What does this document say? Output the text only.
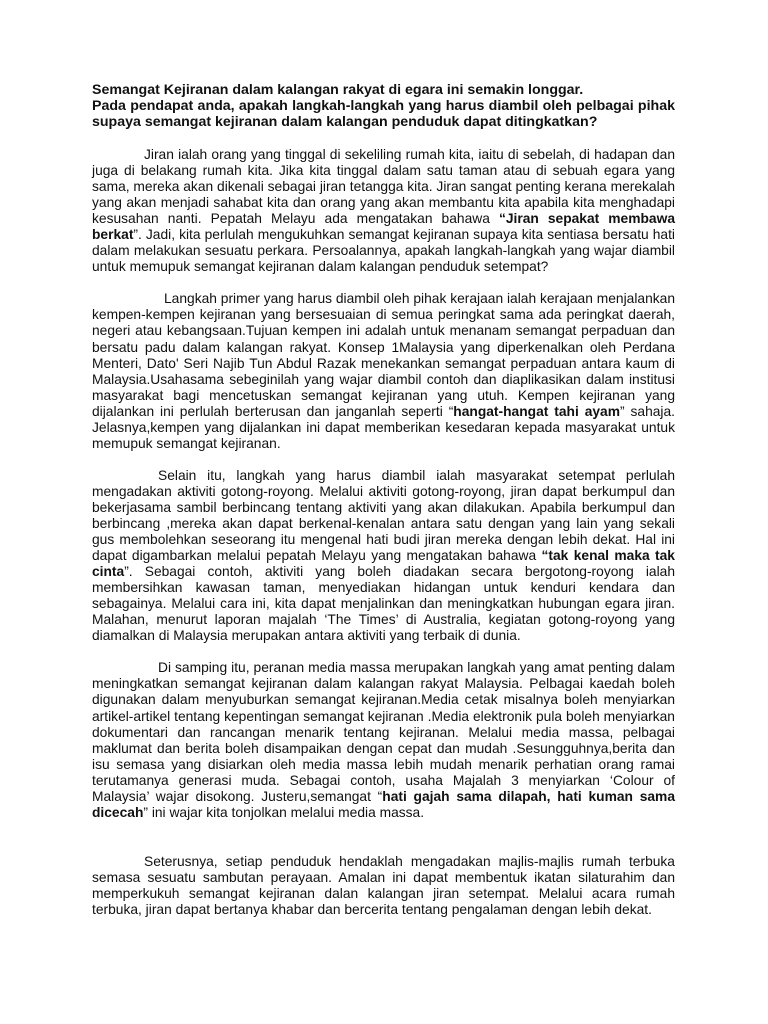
Semangat Kejiranan dalam kalangan rakyat di egara ini semakin longgar.
Pada pendapat anda, apakah langkah-langkah yang harus diambil oleh pelbagai pihak supaya semangat kejiranan dalam kalangan penduduk dapat ditingkatkan?

Jiran ialah orang yang tinggal di sekeliling rumah kita, iaitu di sebelah, di hadapan dan juga di belakang rumah kita. Jika kita tinggal dalam satu taman atau di sebuah egara yang sama, mereka akan dikenali sebagai jiran tetangga kita. Jiran sangat penting kerana merekalah yang akan menjadi sahabat kita dan orang yang akan membantu kita apabila kita menghadapi kesusahan nanti. Pepatah Melayu ada mengatakan bahawa “Jiran sepakat membawa berkat”. Jadi, kita perlulah mengukuhkan semangat kejiranan supaya kita sentiasa bersatu hati dalam melakukan sesuatu perkara. Persoalannya, apakah langkah-langkah yang wajar diambil untuk memupuk semangat kejiranan dalam kalangan penduduk setempat?

Langkah primer yang harus diambil oleh pihak kerajaan ialah kerajaan menjalankan kempen-kempen kejiranan yang bersesuaian di semua peringkat sama ada peringkat daerah, negeri atau kebangsaan.Tujuan kempen ini adalah untuk menanam semangat perpaduan dan bersatu padu dalam kalangan rakyat. Konsep 1Malaysia yang diperkenalkan oleh Perdana Menteri, Dato' Seri Najib Tun Abdul Razak menekankan semangat perpaduan antara kaum di Malaysia.Usahasama sebeginilah yang wajar diambil contoh dan diaplikasikan dalam institusi masyarakat bagi mencetuskan semangat kejiranan yang utuh. Kempen kejiranan yang dijalankan ini perlulah berterusan dan janganlah seperti “hangat-hangat tahi ayam” sahaja. Jelasnya,kempen yang dijalankan ini dapat memberikan kesedaran kepada masyarakat untuk memupuk semangat kejiranan.

Selain itu, langkah yang harus diambil ialah masyarakat setempat perlulah mengadakan aktiviti gotong-royong. Melalui aktiviti gotong-royong, jiran dapat berkumpul dan bekerjasama sambil berbincang tentang aktiviti yang akan dilakukan. Apabila berkumpul dan berbincang ,mereka akan dapat berkenal-kenalan antara satu dengan yang lain yang sekali gus membolehkan seseorang itu mengenal hati budi jiran mereka dengan lebih dekat. Hal ini dapat digambarkan melalui pepatah Melayu yang mengatakan bahawa “tak kenal maka tak cinta”. Sebagai contoh, aktiviti yang boleh diadakan secara bergotong-royong ialah membersihkan kawasan taman, menyediakan hidangan untuk kenduri kendara dan sebagainya. Melalui cara ini, kita dapat menjalinkan dan meningkatkan hubungan egara jiran. Malahan, menurut laporan majalah ‘The Times’ di Australia, kegiatan gotong-royong yang diamalkan di Malaysia merupakan antara aktiviti yang terbaik di dunia.

Di samping itu, peranan media massa merupakan langkah yang amat penting dalam meningkatkan semangat kejiranan dalam kalangan rakyat Malaysia. Pelbagai kaedah boleh digunakan dalam menyuburkan semangat kejiranan.Media cetak misalnya boleh menyiarkan artikel-artikel tentang kepentingan semangat kejiranan .Media elektronik pula boleh menyiarkan dokumentari dan rancangan menarik tentang kejiranan. Melalui media massa, pelbagai maklumat dan berita boleh disampaikan dengan cepat dan mudah .Sesungguhnya,berita dan isu semasa yang disiarkan oleh media massa lebih mudah menarik perhatian orang ramai terutamanya generasi muda. Sebagai contoh, usaha Majalah 3 menyiarkan ‘Colour of Malaysia’ wajar disokong. Justeru,semangat “hati gajah sama dilapah, hati kuman sama dicecah” ini wajar kita tonjolkan melalui media massa.

Seterusnya, setiap penduduk hendaklah mengadakan majlis-majlis rumah terbuka semasa sesuatu sambutan perayaan. Amalan ini dapat membentuk ikatan silaturahim dan memperkukuh semangat kejiranan dalan kalangan jiran setempat. Melalui acara rumah terbuka, jiran dapat bertanya khabar dan bercerita tentang pengalaman dengan lebih dekat.
